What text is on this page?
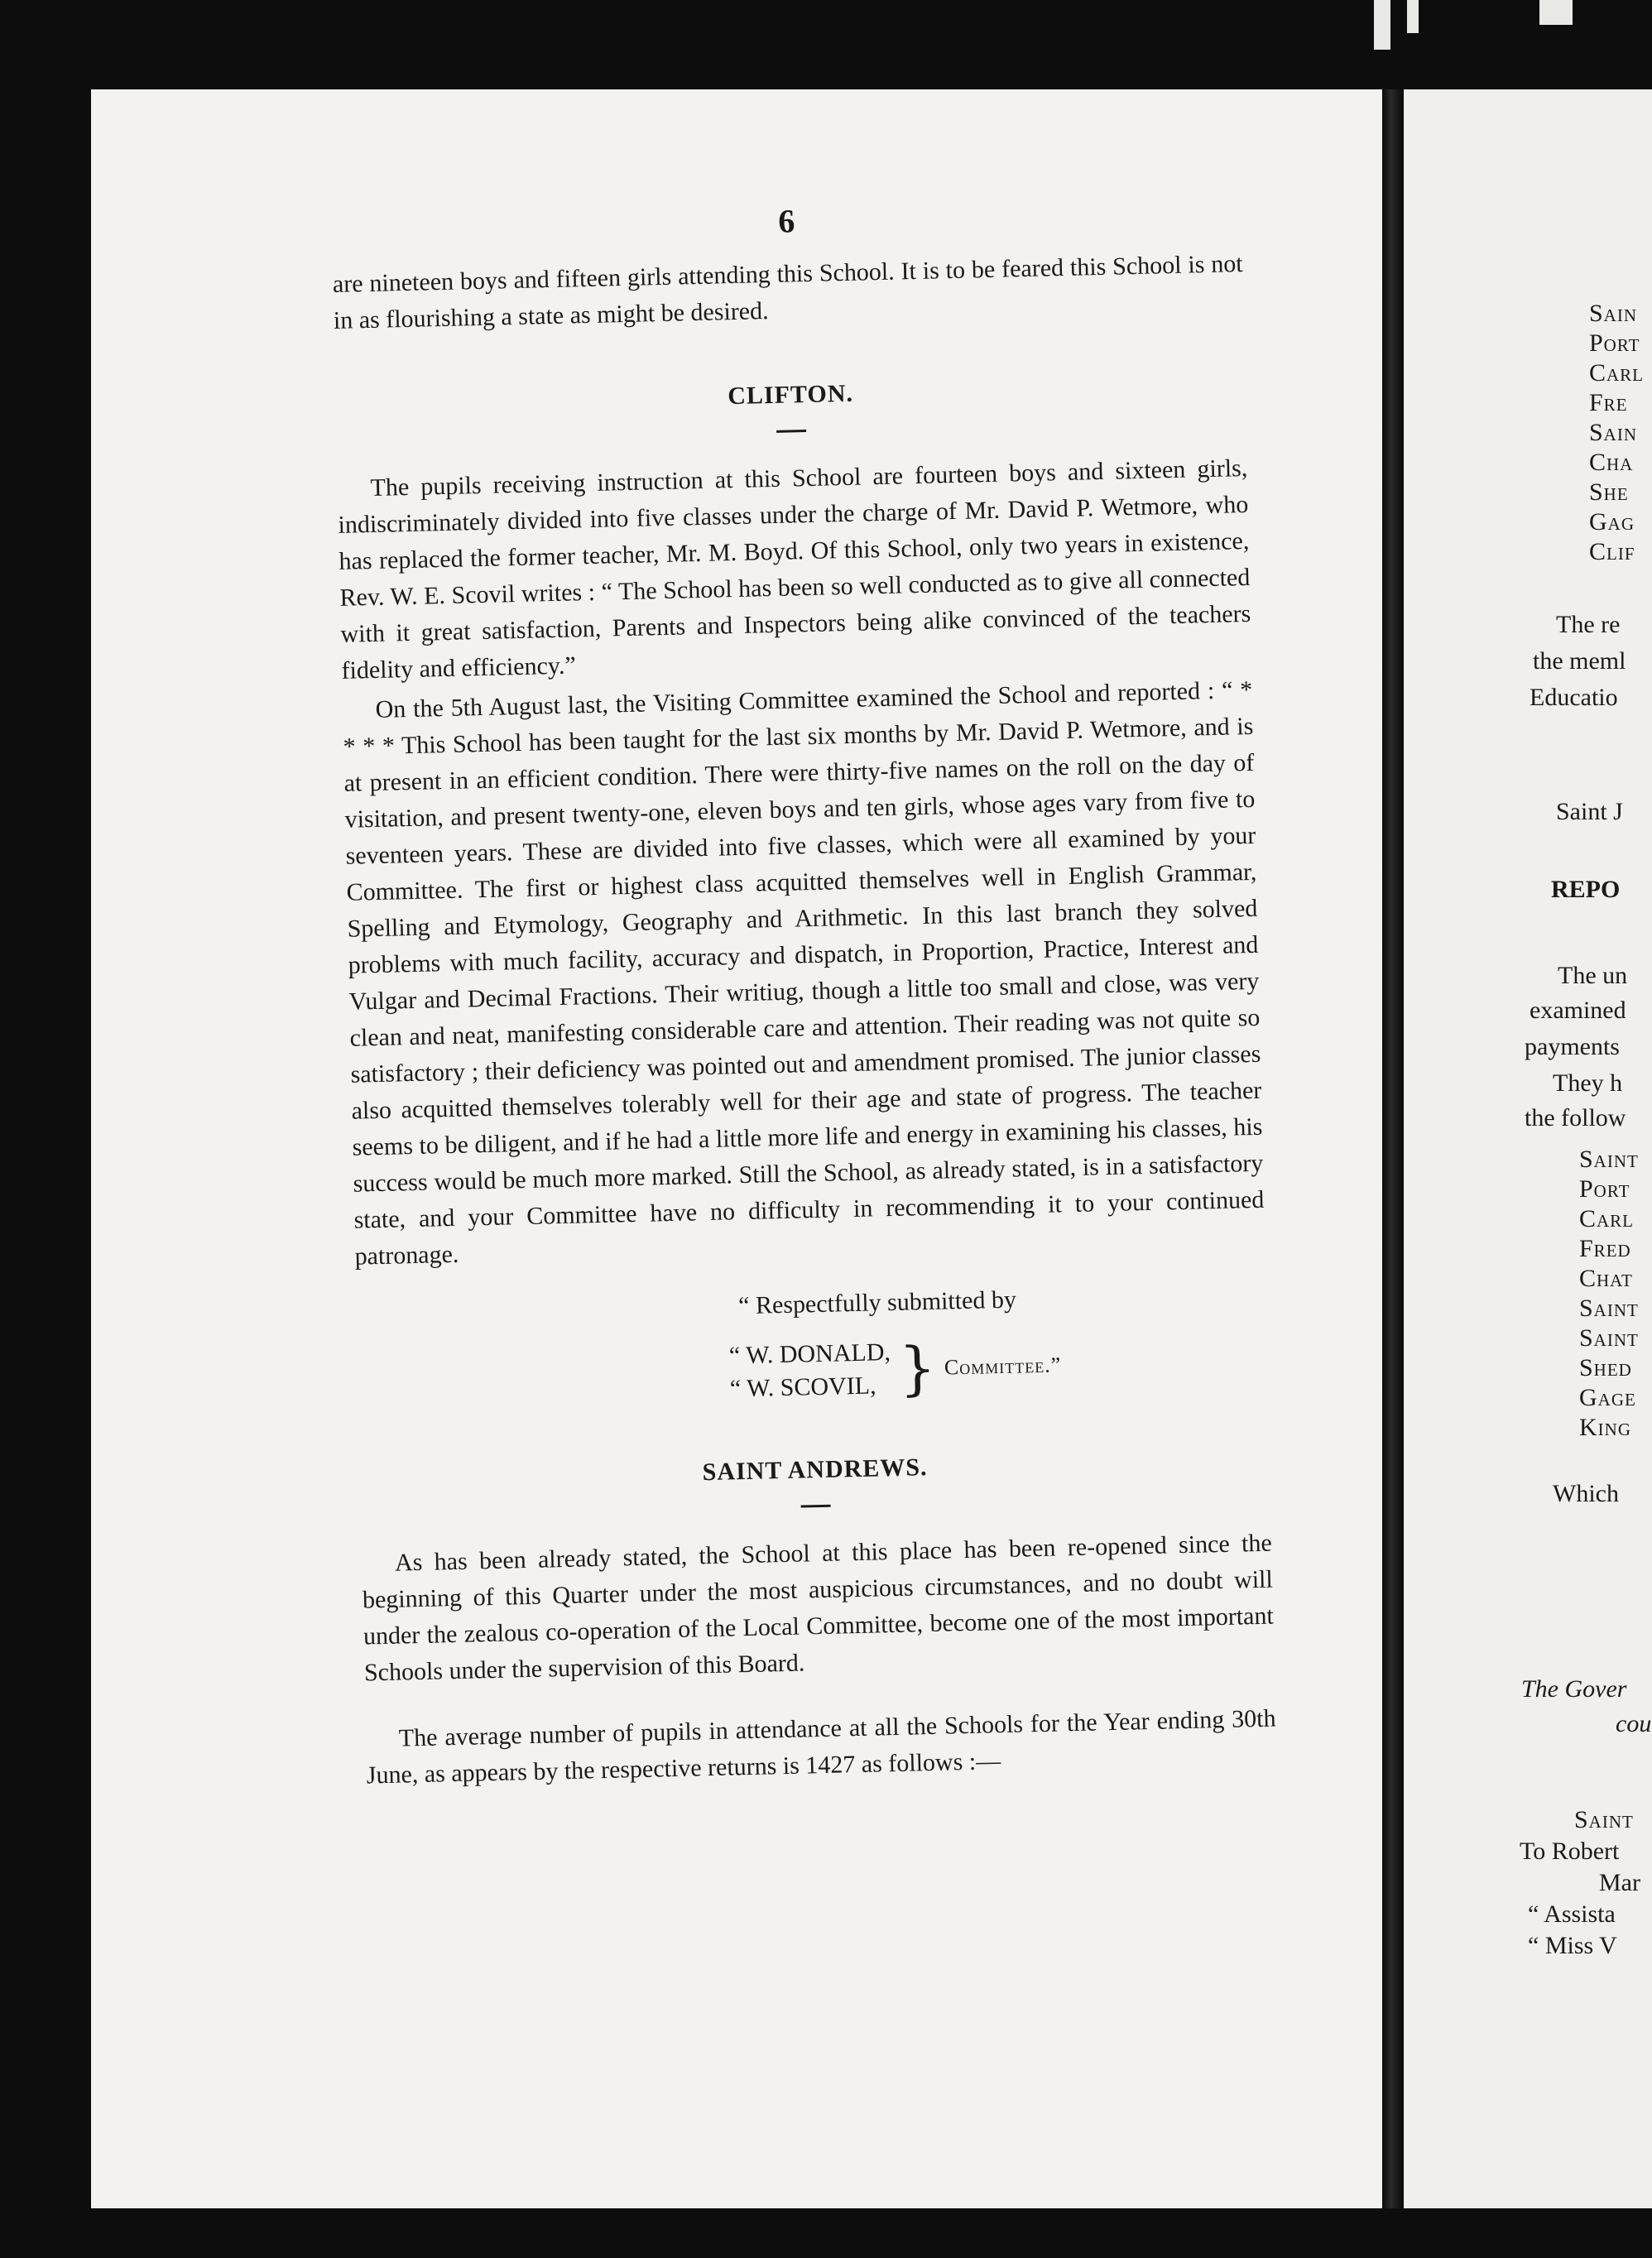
6

are nineteen boys and fifteen girls attending this School. It is to be feared this School is not in as flourishing a state as might be desired.

CLIFTON.

The pupils receiving instruction at this School are fourteen boys and sixteen girls, indiscriminately divided into five classes under the charge of Mr. David P. Wetmore, who has replaced the former teacher, Mr. M. Boyd. Of this School, only two years in existence, Rev. W. E. Scovil writes : “ The School has been so well conducted as to give all connected with it great satisfaction, Parents and Inspectors being alike convinced of the teachers fidelity and efficiency.”

On the 5th August last, the Visiting Committee examined the School and reported : “ * * * * This School has been taught for the last six months by Mr. David P. Wetmore, and is at present in an efficient condition. There were thirty-five names on the roll on the day of visitation, and present twenty-one, eleven boys and ten girls, whose ages vary from five to seventeen years. These are divided into five classes, which were all examined by your Committee. The first or highest class acquitted themselves well in English Grammar, Spelling and Etymology, Geography and Arithmetic. In this last branch they solved problems with much facility, accuracy and dispatch, in Proportion, Practice, Interest and Vulgar and Decimal Fractions. Their writiug, though a little too small and close, was very clean and neat, manifesting considerable care and attention. Their reading was not quite so satisfactory ; their deficiency was pointed out and amendment promised. The junior classes also acquitted themselves tolerably well for their age and state of progress. The teacher seems to be diligent, and if he had a little more life and energy in examining his classes, his success would be much more marked. Still the School, as already stated, is in a satisfactory state, and your Committee have no difficulty in recommending it to your continued patronage.

“ Respectfully submitted by
“ W. DONALD,
“ W. SCOVIL, } Committee.”
SAINT ANDREWS.

As has been already stated, the School at this place has been re-opened since the beginning of this Quarter under the most auspicious circumstances, and no doubt will under the zealous co-operation of the Local Committee, become one of the most important Schools under the supervision of this Board.

The average number of pupils in attendance at all the Schools for the Year ending 30th June, as appears by the respective returns is 1427 as follows :—

Sain
Port
Carl
Fre
Sain
Cha
She
Gag
Clif
The re
the meml
Educatio
Saint J
REPO
The un
examined
payments
They h
the follow
Saint
Port
Carl
Fred
Chat
Saint
Saint
Shed
Gage
King
Which
The Gover
cou
Saint
To Robert
Mar
“ Assista
“ Miss V
